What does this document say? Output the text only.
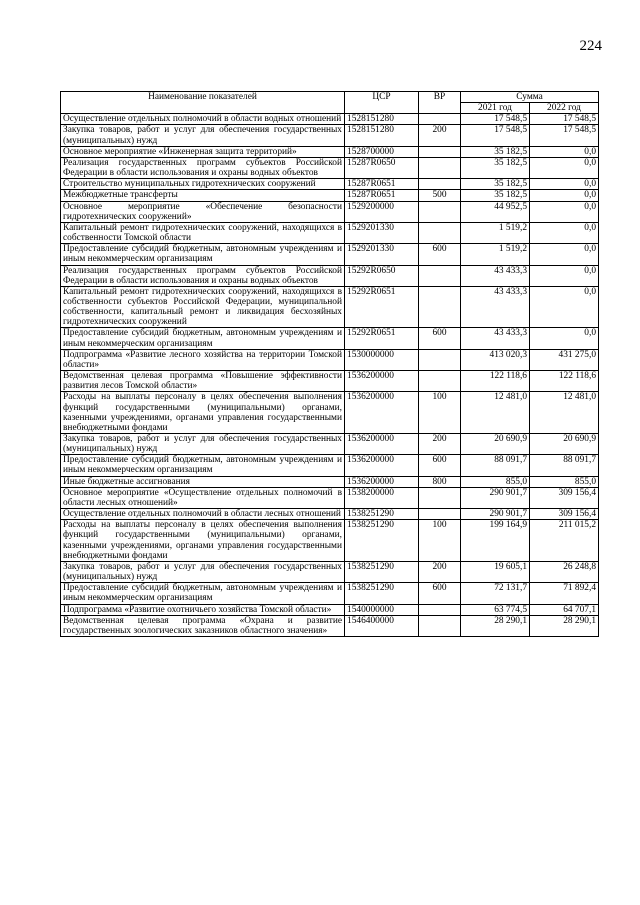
224
Наименование показателей	ЦСР	ВР	Сумма	
			2021 год	2022 год
Осуществление отдельных полномочий в области водных отношений	1528151280		17 548,5	17 548,5
Закупка товаров, работ и услуг для обеспечения государственных (муниципальных) нужд	1528151280	200	17 548,5	17 548,5
Основное мероприятие «Инженерная защита территорий»	1528700000		35 182,5	0,0
Реализация государственных программ субъектов Российской Федерации в области использования и охраны водных объектов	15287R0650		35 182,5	0,0
Строительство муниципальных гидротехнических сооружений	15287R0651		35 182,5	0,0
Межбюджетные трансферты	15287R0651	500	35 182,5	0,0
Основное мероприятие «Обеспечение безопасности гидротехнических сооружений»	1529200000		44 952,5	0,0
Капитальный ремонт гидротехнических сооружений, находящихся в собственности Томской области	1529201330		1 519,2	0,0
Предоставление субсидий бюджетным, автономным учреждениям и иным некоммерческим организациям	1529201330	600	1 519,2	0,0
Реализация государственных программ субъектов Российской Федерации в области использования и охраны водных объектов	15292R0650		43 433,3	0,0
Капитальный ремонт гидротехнических сооружений, находящихся в собственности субъектов Российской Федерации, муниципальной собственности, капитальный ремонт и ликвидация бесхозяйных гидротехнических сооружений	15292R0651		43 433,3	0,0
Предоставление субсидий бюджетным, автономным учреждениям и иным некоммерческим организациям	15292R0651	600	43 433,3	0,0
Подпрограмма «Развитие лесного хозяйства на территории Томской области»	1530000000		413 020,3	431 275,0
Ведомственная целевая программа «Повышение эффективности развития лесов Томской области»	1536200000		122 118,6	122 118,6
Расходы на выплаты персоналу в целях обеспечения выполнения функций государственными (муниципальными) органами, казенными учреждениями, органами управления государственными внебюджетными фондами	1536200000	100	12 481,0	12 481,0
Закупка товаров, работ и услуг для обеспечения государственных (муниципальных) нужд	1536200000	200	20 690,9	20 690,9
Предоставление субсидий бюджетным, автономным учреждениям и иным некоммерческим организациям	1536200000	600	88 091,7	88 091,7
Иные бюджетные ассигнования	1536200000	800	855,0	855,0
Основное мероприятие «Осуществление отдельных полномочий в области лесных отношений»	1538200000		290 901,7	309 156,4
Осуществление отдельных полномочий в области лесных отношений	1538251290		290 901,7	309 156,4
Расходы на выплаты персоналу в целях обеспечения выполнения функций государственными (муниципальными) органами, казенными учреждениями, органами управления государственными внебюджетными фондами	1538251290	100	199 164,9	211 015,2
Закупка товаров, работ и услуг для обеспечения государственных (муниципальных) нужд	1538251290	200	19 605,1	26 248,8
Предоставление субсидий бюджетным, автономным учреждениям и иным некоммерческим организациям	1538251290	600	72 131,7	71 892,4
Подпрограмма «Развитие охотничьего хозяйства Томской области»	1540000000		63 774,5	64 707,1
Ведомственная целевая программа «Охрана и развитие государственных зоологических заказников областного значения»	1546400000		28 290,1	28 290,1
